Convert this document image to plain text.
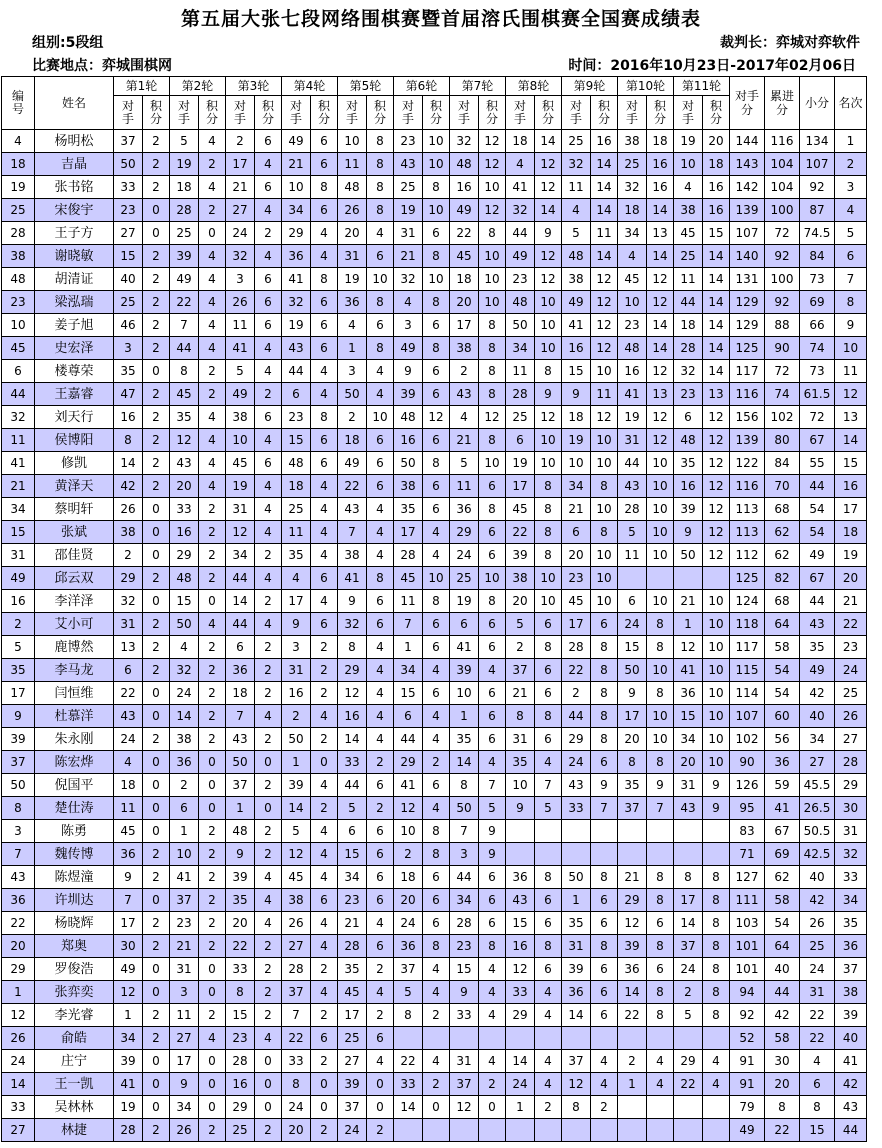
第五届大张七段网络围棋赛暨首届溶氏围棋赛全国赛成绩表
组别:5段组	裁判长：弈城对弈软件
比赛地点：弈城围棋网	时间：2016年10月23日-2017年02月06日
编号	姓名	第1轮		第2轮		第3轮		第4轮		第5轮		第6轮		第7轮		第8轮		第9轮		第10轮		第11轮		对手分	累进分	小分	名次
		对手	积分	对手	积分	对手	积分	对手	积分	对手	积分	对手	积分	对手	积分	对手	积分	对手	积分	对手	积分	对手	积分				
4	杨明松	37	2	5	4	2	6	49	6	10	8	23	10	32	12	18	14	25	16	38	18	19	20	144	116	134	1
18	吉晶	50	2	19	2	17	4	21	6	11	8	43	10	48	12	4	12	32	14	25	16	10	18	143	104	107	2
19	张书铭	33	2	18	4	21	6	10	8	48	8	25	8	16	10	41	12	11	14	32	16	4	16	142	104	92	3
25	宋俊宇	23	0	28	2	27	4	34	6	26	8	19	10	49	12	32	14	4	14	18	14	38	16	139	100	87	4
28	王子方	27	0	25	0	24	2	29	4	20	4	31	6	22	8	44	9	5	11	34	13	45	15	107	72	74.5	5
38	谢晓敏	15	2	39	4	32	4	36	4	31	6	21	8	45	10	49	12	48	14	4	14	25	14	140	92	84	6
48	胡清证	40	2	49	4	3	6	41	8	19	10	32	10	18	10	23	12	38	12	45	12	11	14	131	100	73	7
23	梁泓瑞	25	2	22	4	26	6	32	6	36	8	4	8	20	10	48	10	49	12	10	12	44	14	129	92	69	8
10	姜子旭	46	2	7	4	11	6	19	6	4	6	3	6	17	8	50	10	41	12	23	14	18	14	129	88	66	9
45	史宏泽	3	2	44	4	41	4	43	6	1	8	49	8	38	8	34	10	16	12	48	14	28	14	125	90	74	10
6	楼尊荣	35	0	8	2	5	4	44	4	3	4	9	6	2	8	11	8	15	10	16	12	32	14	117	72	73	11
44	王嘉睿	47	2	45	2	49	2	6	4	50	4	39	6	43	8	28	9	9	11	41	13	23	13	116	74	61.5	12
32	刘天行	16	2	35	4	38	6	23	8	2	10	48	12	4	12	25	12	18	12	19	12	6	12	156	102	72	13
11	侯博阳	8	2	12	4	10	4	15	6	18	6	16	6	21	8	6	10	19	10	31	12	48	12	139	80	67	14
41	修凯	14	2	43	4	45	6	48	6	49	6	50	8	5	10	19	10	10	10	44	10	35	12	122	84	55	15
21	黄泽天	42	2	20	4	19	4	18	4	22	6	38	6	11	6	17	8	34	8	43	10	16	12	116	70	44	16
34	蔡明轩	26	0	33	2	31	4	25	4	43	4	35	6	36	8	45	8	21	10	28	10	39	12	113	68	54	17
15	张斌	38	0	16	2	12	4	11	4	7	4	17	4	29	6	22	8	6	8	5	10	9	12	113	62	54	18
31	邵佳贤	2	0	29	2	34	2	35	4	38	4	28	4	24	6	39	8	20	10	11	10	50	12	112	62	49	19
49	邱云双	29	2	48	2	44	4	4	6	41	8	45	10	25	10	38	10	23	10					125	82	67	20
16	李洋泽	32	0	15	0	14	2	17	4	9	6	11	8	19	8	20	10	45	10	6	10	21	10	124	68	44	21
2	艾小可	31	2	50	4	44	4	9	6	32	6	7	6	6	6	5	6	17	6	24	8	1	10	118	64	43	22
5	鹿博然	13	2	4	2	6	2	3	2	8	4	1	6	41	6	2	8	28	8	15	8	12	10	117	58	35	23
35	李马龙	6	2	32	2	36	2	31	2	29	4	34	4	39	4	37	6	22	8	50	10	41	10	115	54	49	24
17	闫恒维	22	0	24	2	18	2	16	2	12	4	15	6	10	6	21	6	2	8	9	8	36	10	114	54	42	25
9	杜慕洋	43	0	14	2	7	4	2	4	16	4	6	4	1	6	8	8	44	8	17	10	15	10	107	60	40	26
39	朱永刚	24	2	38	2	43	2	50	2	14	4	44	4	35	6	31	6	29	8	20	10	34	10	102	56	34	27
37	陈宏烨	4	0	36	0	50	0	1	0	33	2	29	2	14	4	35	4	24	6	8	8	20	10	90	36	27	28
50	倪国平	18	0	2	0	37	2	39	4	44	6	41	6	8	7	10	7	43	9	35	9	31	9	126	59	45.5	29
8	楚仕涛	11	0	6	0	1	0	14	2	5	2	12	4	50	5	9	5	33	7	37	7	43	9	95	41	26.5	30
3	陈勇	45	0	1	2	48	2	5	4	6	6	10	8	7	9									83	67	50.5	31
7	魏传博	36	2	10	2	9	2	12	4	15	6	2	8	3	9									71	69	42.5	32
43	陈煜潼	9	2	41	2	39	4	45	4	34	6	18	6	44	6	36	8	50	8	21	8	8	8	127	62	40	33
36	许圳达	7	0	37	2	35	4	38	6	23	6	20	6	34	6	43	6	1	6	29	8	17	8	111	58	42	34
22	杨晓辉	17	2	23	2	20	4	26	4	21	4	24	6	28	6	15	6	35	6	12	6	14	8	103	54	26	35
20	郑奥	30	2	21	2	22	2	27	4	28	6	36	8	23	8	16	8	31	8	39	8	37	8	101	64	25	36
29	罗俊浩	49	0	31	0	33	2	28	2	35	2	37	4	15	4	12	6	39	6	36	6	24	8	101	40	24	37
1	张弈奕	12	0	3	0	8	2	37	4	45	4	5	4	9	4	33	4	36	6	14	8	2	8	94	44	31	38
12	李光睿	1	2	11	2	15	2	7	2	17	2	8	2	33	4	29	4	14	6	22	8	5	8	92	42	22	39
26	俞皓	34	2	27	4	23	4	22	6	25	6													52	58	22	40
24	庄宁	39	0	17	0	28	0	33	2	27	4	22	4	31	4	14	4	37	4	2	4	29	4	91	30	4	41
14	王一凯	41	0	9	0	16	0	8	0	39	0	33	2	37	2	24	4	12	4	1	4	22	4	91	20	6	42
33	吴林林	19	0	34	0	29	0	24	0	37	0	14	0	12	0	1	2	8	2					79	8	8	43
27	林捷	28	2	26	2	25	2	20	2	24	2													49	22	15	44
